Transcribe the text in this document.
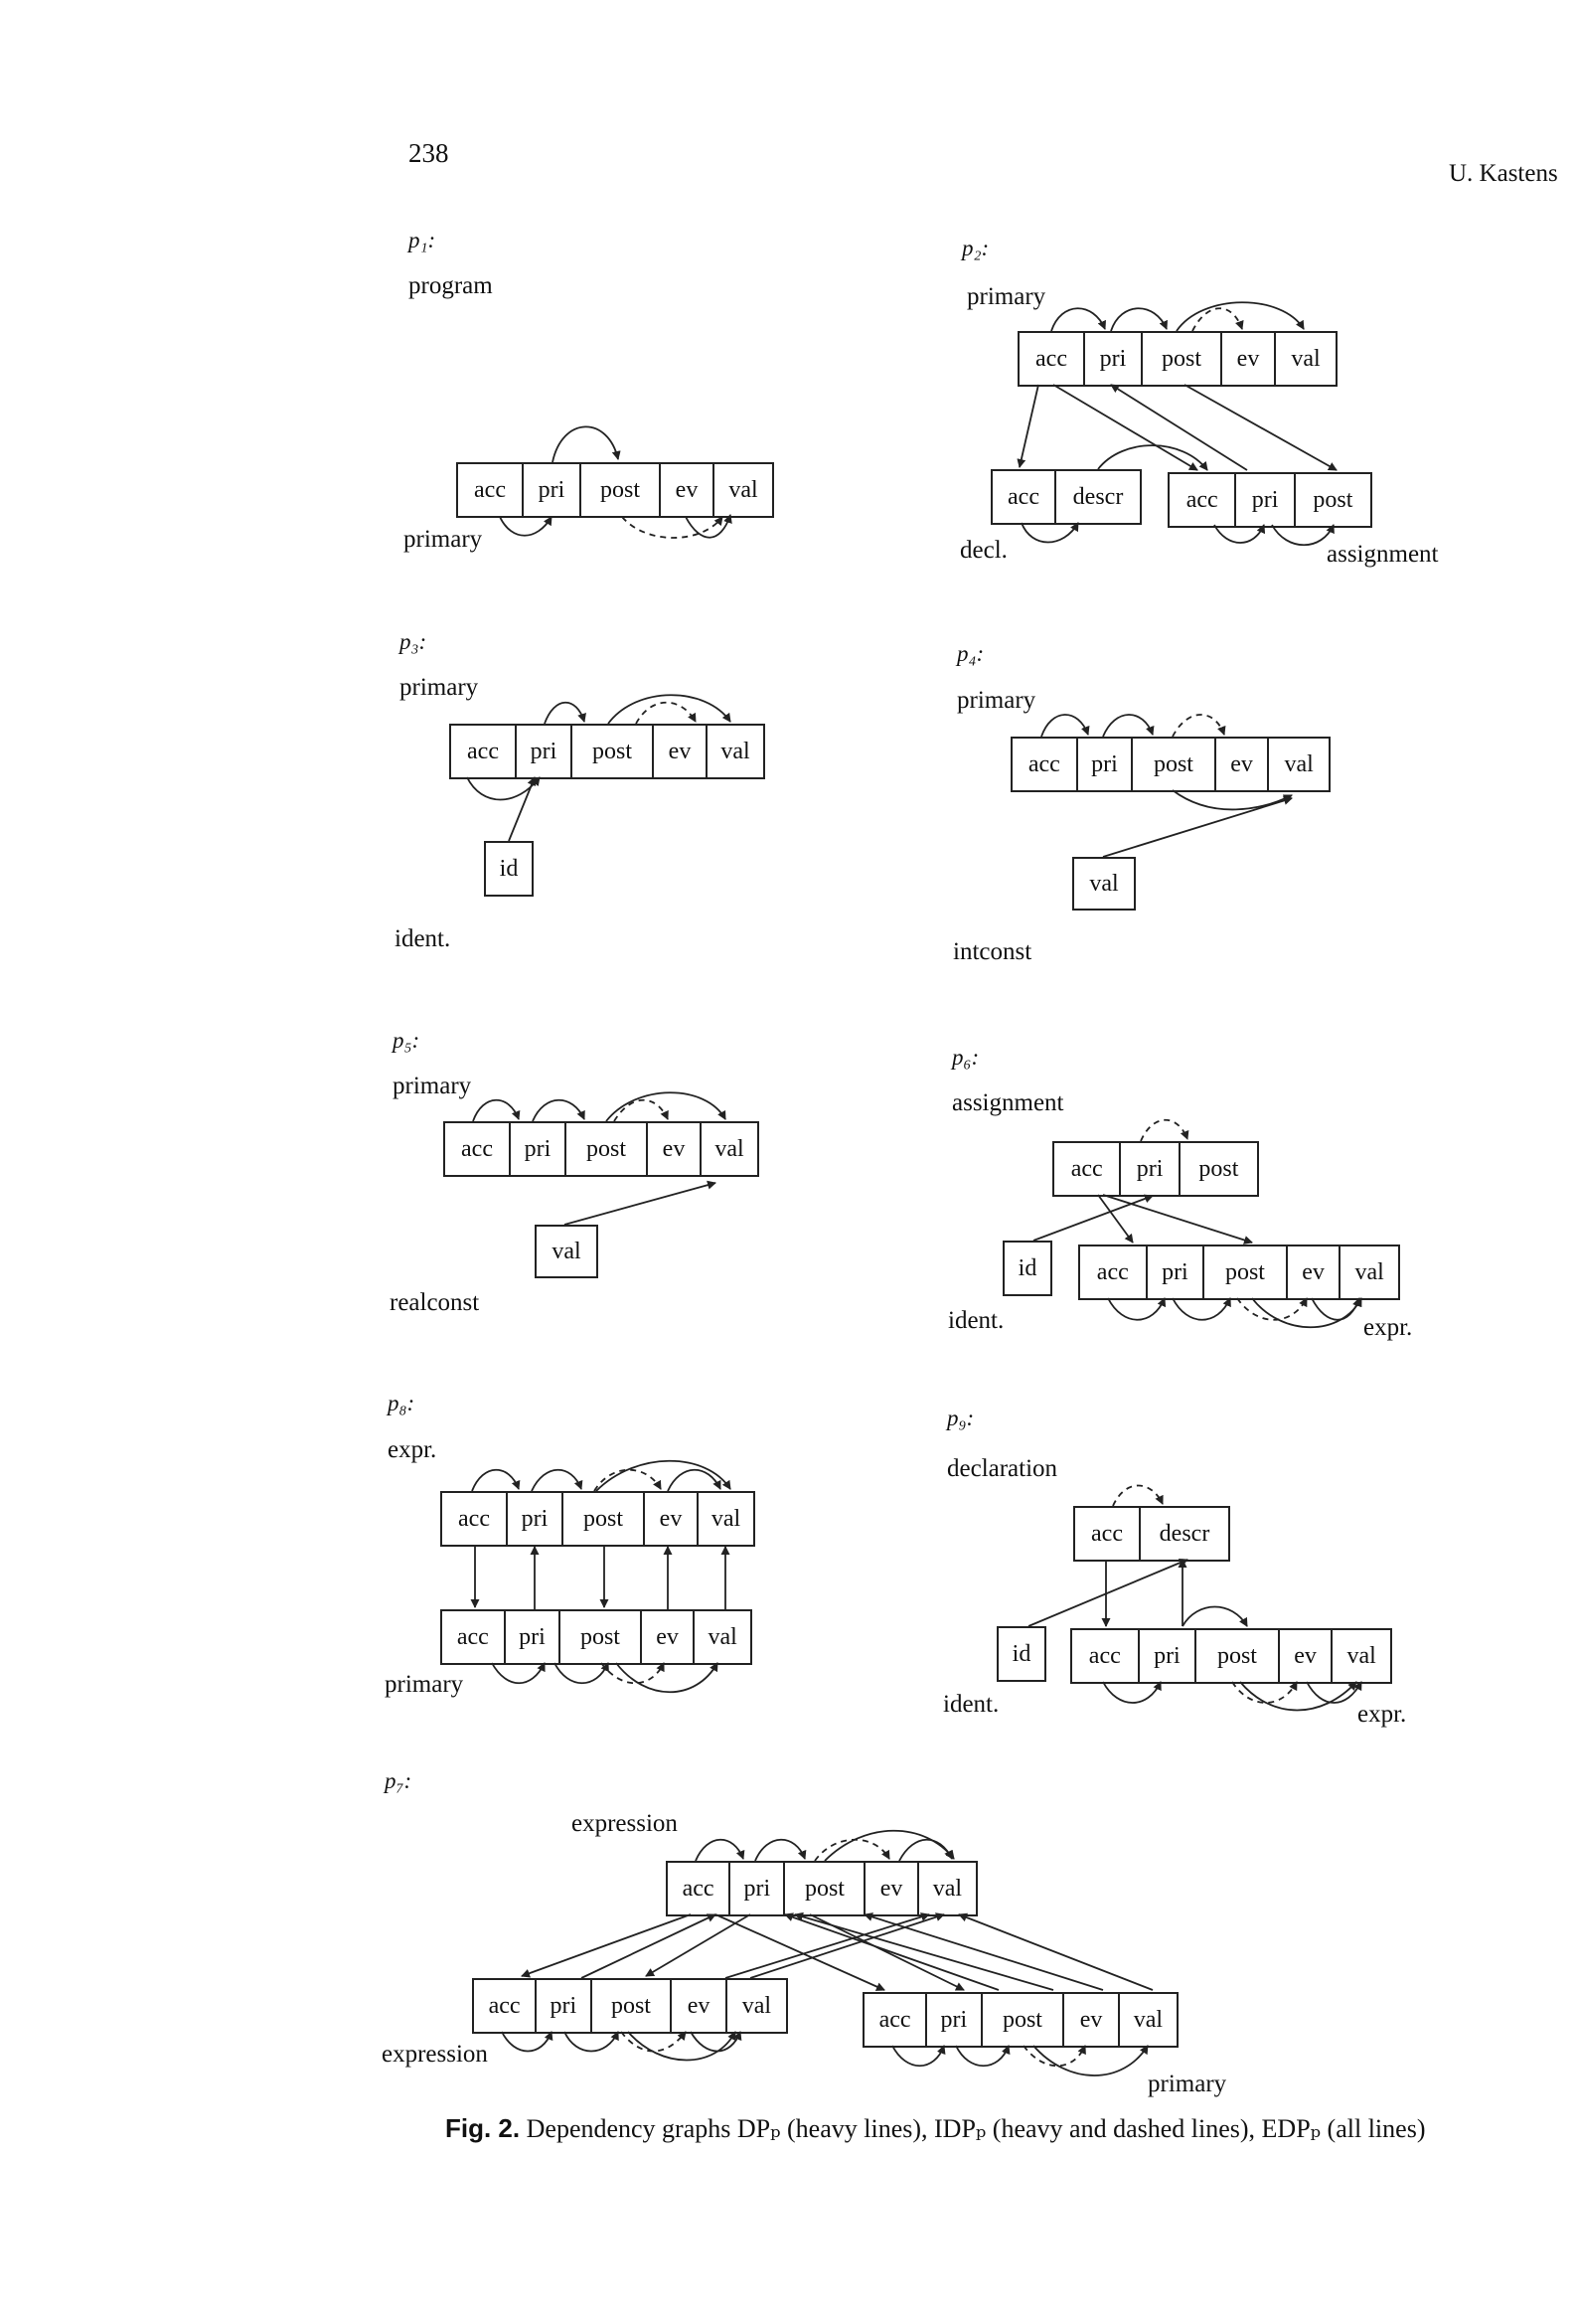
238
U. Kastens
p₁:
program
acc	pri	post	ev	val
primary
p₂:
primary
acc	pri	post	ev	val
acc	descr	acc	pri	post
decl.	assignment
p₃:
primary
acc	pri	post	ev	val
id
ident.
p₄:
primary
acc	pri	post	ev	val
val
intconst
p₅:
primary
acc	pri	post	ev	val
val
realconst
p₆:
assignment
acc	pri	post
id	acc	pri	post	ev	val
ident.	expr.
p₈:
expr.
acc	pri	post	ev	val
acc	pri	post	ev	val
primary
p₉:
declaration
acc	descr
id	acc	pri	post	ev	val
ident.	expr.
p₇:
expression
acc	pri	post	ev	val
acc	pri	post	ev	val
acc	pri	post	ev	val
expression
primary
Fig. 2. Dependency graphs DPₚ (heavy lines), IDPₚ (heavy and dashed lines), EDPₚ (all lines)
